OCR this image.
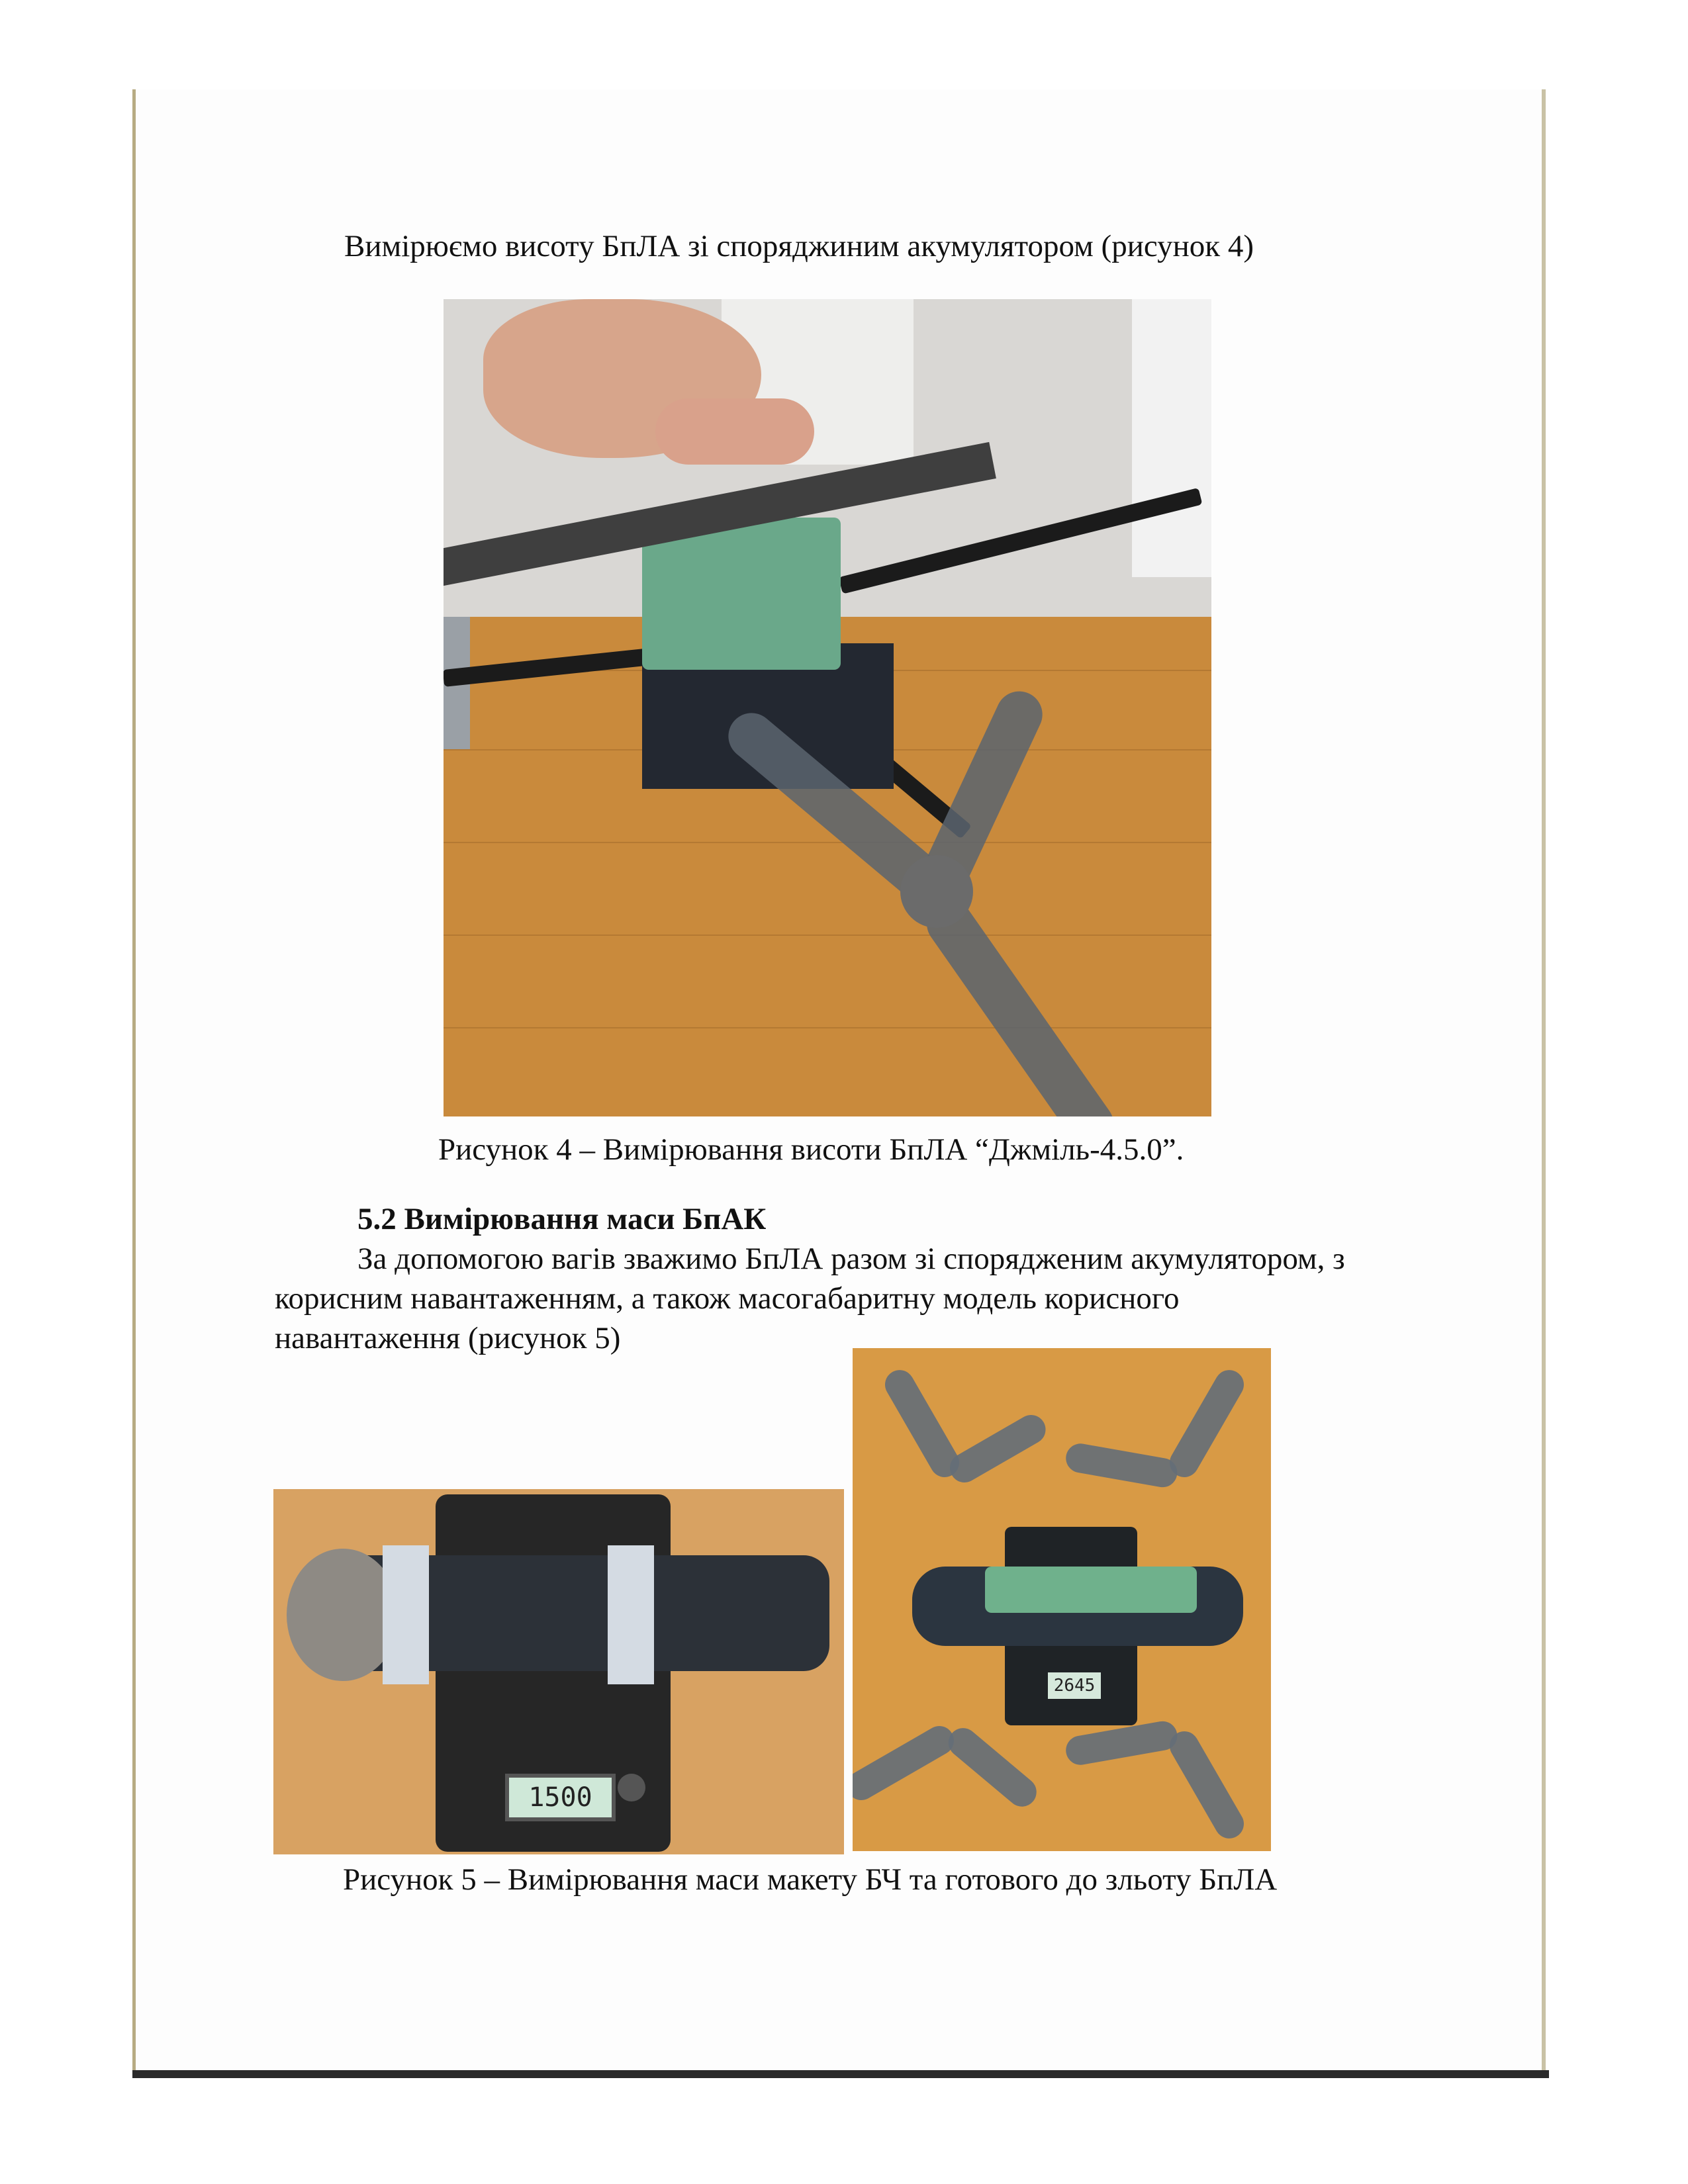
Вимірюємо висоту БпЛА зі споряджиним акумулятором (рисунок 4)
Рисунок 4 – Вимірювання висоти БпЛА “Джміль-4.5.0”.
5.2 Вимірювання маси БпАК
За допомогою вагів зважимо БпЛА разом зі спорядженим акумулятором, з
корисним навантаженням, а також масогабаритну модель корисного
навантаження (рисунок 5)
1500
2645
Рисунок 5 – Вимірювання маси макету БЧ та готового до зльоту БпЛА
